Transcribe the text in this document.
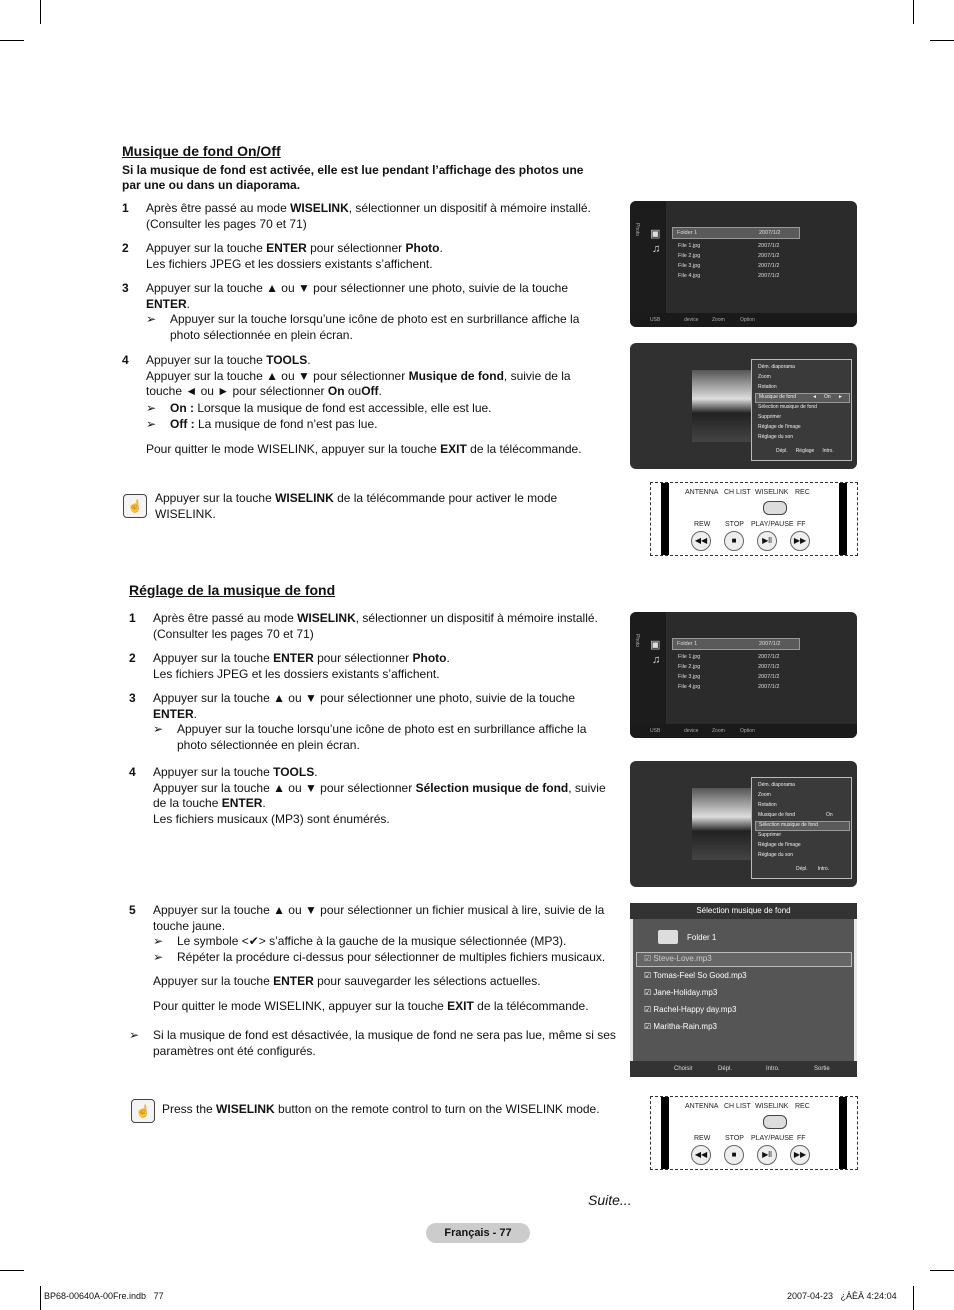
Musique de fond On/Off
Si la musique de fond est activée, elle est lue pendant l’affichage des photos une par une ou dans un diaporama.
1 Après être passé au mode WISELINK, sélectionner un dispositif à mémoire installé.

(Consulter les pages 70 et 71)

2 Appuyer sur la touche ENTER pour sélectionner Photo.

Les fichiers JPEG et les dossiers existants s’affichent.

3 Appuyer sur la touche ▲ ou ▼ pour sélectionner une photo, suivie de la touche

ENTER.

➢ Appuyer sur la touche lorsqu’une icône de photo est en surbrillance affiche la photo sélectionnée en plein écran.

4 Appuyer sur la touche TOOLS.

Appuyer sur la touche ▲ ou ▼ pour sélectionner Musique de fond, suivie de la

touche ◄ ou ► pour sélectionner On ouOff.

➢ On : Lorsque la musique de fond est accessible, elle est lue.

➢ Off : La musique de fond n’est pas lue.

Pour quitter le mode WISELINK, appuyer sur la touche EXIT de la télécommande.

☝

Appuyer sur la touche WISELINK de la télécommande pour activer le mode

WISELINK.

Réglage de la musique de fond
1 Après être passé au mode WISELINK, sélectionner un dispositif à mémoire installé.

(Consulter les pages 70 et 71)

2 Appuyer sur la touche ENTER pour sélectionner Photo.

Les fichiers JPEG et les dossiers existants s’affichent.

3 Appuyer sur la touche ▲ ou ▼ pour sélectionner une photo, suivie de la touche

ENTER.

➢ Appuyer sur la touche lorsqu’une icône de photo est en surbrillance affiche la photo sélectionnée en plein écran.

4 Appuyer sur la touche TOOLS.

Appuyer sur la touche ▲ ou ▼ pour sélectionner Sélection musique de fond, suivie

de la touche ENTER.

Les fichiers musicaux (MP3) sont énumérés.

5 Appuyer sur la touche ▲ ou ▼ pour sélectionner un fichier musical à lire, suivie de la

touche jaune.

➢ Le symbole <✔> s’affiche à la gauche de la musique sélectionnée (MP3).

➢ Répéter la procédure ci-dessus pour sélectionner de multiples fichiers musicaux.

Appuyer sur la touche ENTER pour sauvegarder les sélections actuelles.

Pour quitter le mode WISELINK, appuyer sur la touche EXIT de la télécommande.

➢ Si la musique de fond est désactivée, la musique de fond ne sera pas lue, même si ses paramètres ont été configurés.
☝ Press the WISELINK button on the remote control to turn on the WISELINK mode.

Photo ▣
♫
Folder 1	2007/1/2
File 1.jpg	2007/1/2
File 2.jpg	2007/1/2
File 3.jpg	2007/1/2
File 4.jpg	2007/1/2
USB	device	Zoom	Option
Dém. diaporama
Zoom
Rotation
Musique de fond	◄ On ►
Sélection musique de fond
Supprimer
Réglage de l'image
Réglage du son
Dépl. Réglage Intro.
ANTENNA CH LIST WISELINK REC
REW STOP PLAY/PAUSE FF
◀◀	■	▶ll	▶▶
Photo ▣
♫
Folder 1	2007/1/2
File 1.jpg	2007/1/2
File 2.jpg	2007/1/2
File 3.jpg	2007/1/2
File 4.jpg	2007/1/2
USB	device	Zoom	Option
Dém. diaporama
Zoom
Rotation
Musique de fond	On
Sélection musique de fond
Supprimer
Réglage de l'image
Réglage du son
Dépl. Intro.
Sélection musique de fond
Folder 1
☑ Steve-Love.mp3
☑ Tomas-Feel So Good.mp3
☑ Jane-Holiday.mp3
☑ Rachel-Happy day.mp3
☑ Maritha-Rain.mp3
Choisir	Dépl.	Intro.	Sortie
ANTENNA CH LIST WISELINK REC
REW STOP PLAY/PAUSE FF
◀◀	■	▶ll	▶▶
Suite...
Français - 77
BP68-00640A-00Fre.indb   77	2007-04-23   ¿ÀÈÄ 4:24:04
